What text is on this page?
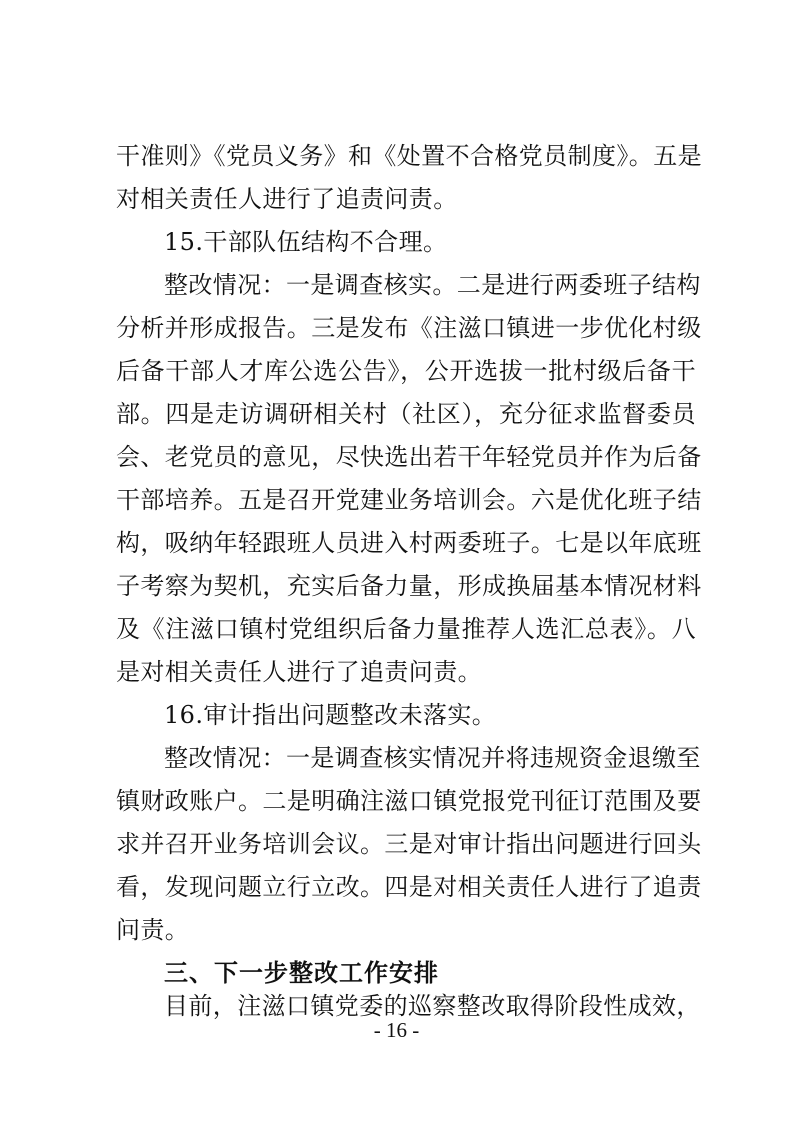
干准则》《党员义务》和《处置不合格党员制度》。五是
对相关责任人进行了追责问责。
15.干部队伍结构不合理。
整改情况：一是调查核实。二是进行两委班子结构
分析并形成报告。三是发布《注滋口镇进一步优化村级
后备干部人才库公选公告》，公开选拔一批村级后备干
部。四是走访调研相关村（社区），充分征求监督委员
会、老党员的意见，尽快选出若干年轻党员并作为后备
干部培养。五是召开党建业务培训会。六是优化班子结
构，吸纳年轻跟班人员进入村两委班子。七是以年底班
子考察为契机，充实后备力量，形成换届基本情况材料
及《注滋口镇村党组织后备力量推荐人选汇总表》。八
是对相关责任人进行了追责问责。
16.审计指出问题整改未落实。
整改情况：一是调查核实情况并将违规资金退缴至
镇财政账户。二是明确注滋口镇党报党刊征订范围及要
求并召开业务培训会议。三是对审计指出问题进行回头
看，发现问题立行立改。四是对相关责任人进行了追责
问责。
三、下一步整改工作安排
目前，注滋口镇党委的巡察整改取得阶段性成效，
- 16 -
